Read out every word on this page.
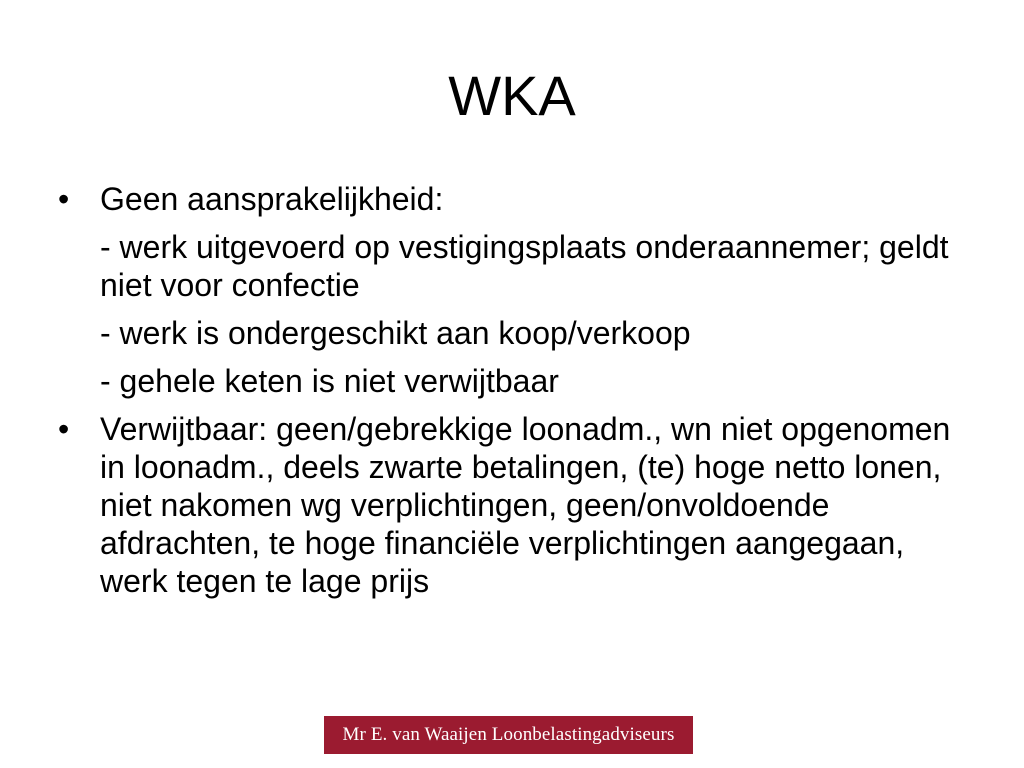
WKA
• Geen aansprakelijkheid:
- werk uitgevoerd op vestigingsplaats onderaannemer; geldt niet voor confectie
- werk is ondergeschikt aan koop/verkoop
- gehele keten is niet verwijtbaar
• Verwijtbaar: geen/gebrekkige loonadm., wn niet opgenomen in loonadm., deels zwarte betalingen, (te) hoge netto lonen, niet nakomen wg verplichtingen, geen/onvoldoende afdrachten, te hoge financiële verplichtingen aangegaan, werk tegen te lage prijs
Mr E. van Waaijen Loonbelastingadviseurs
